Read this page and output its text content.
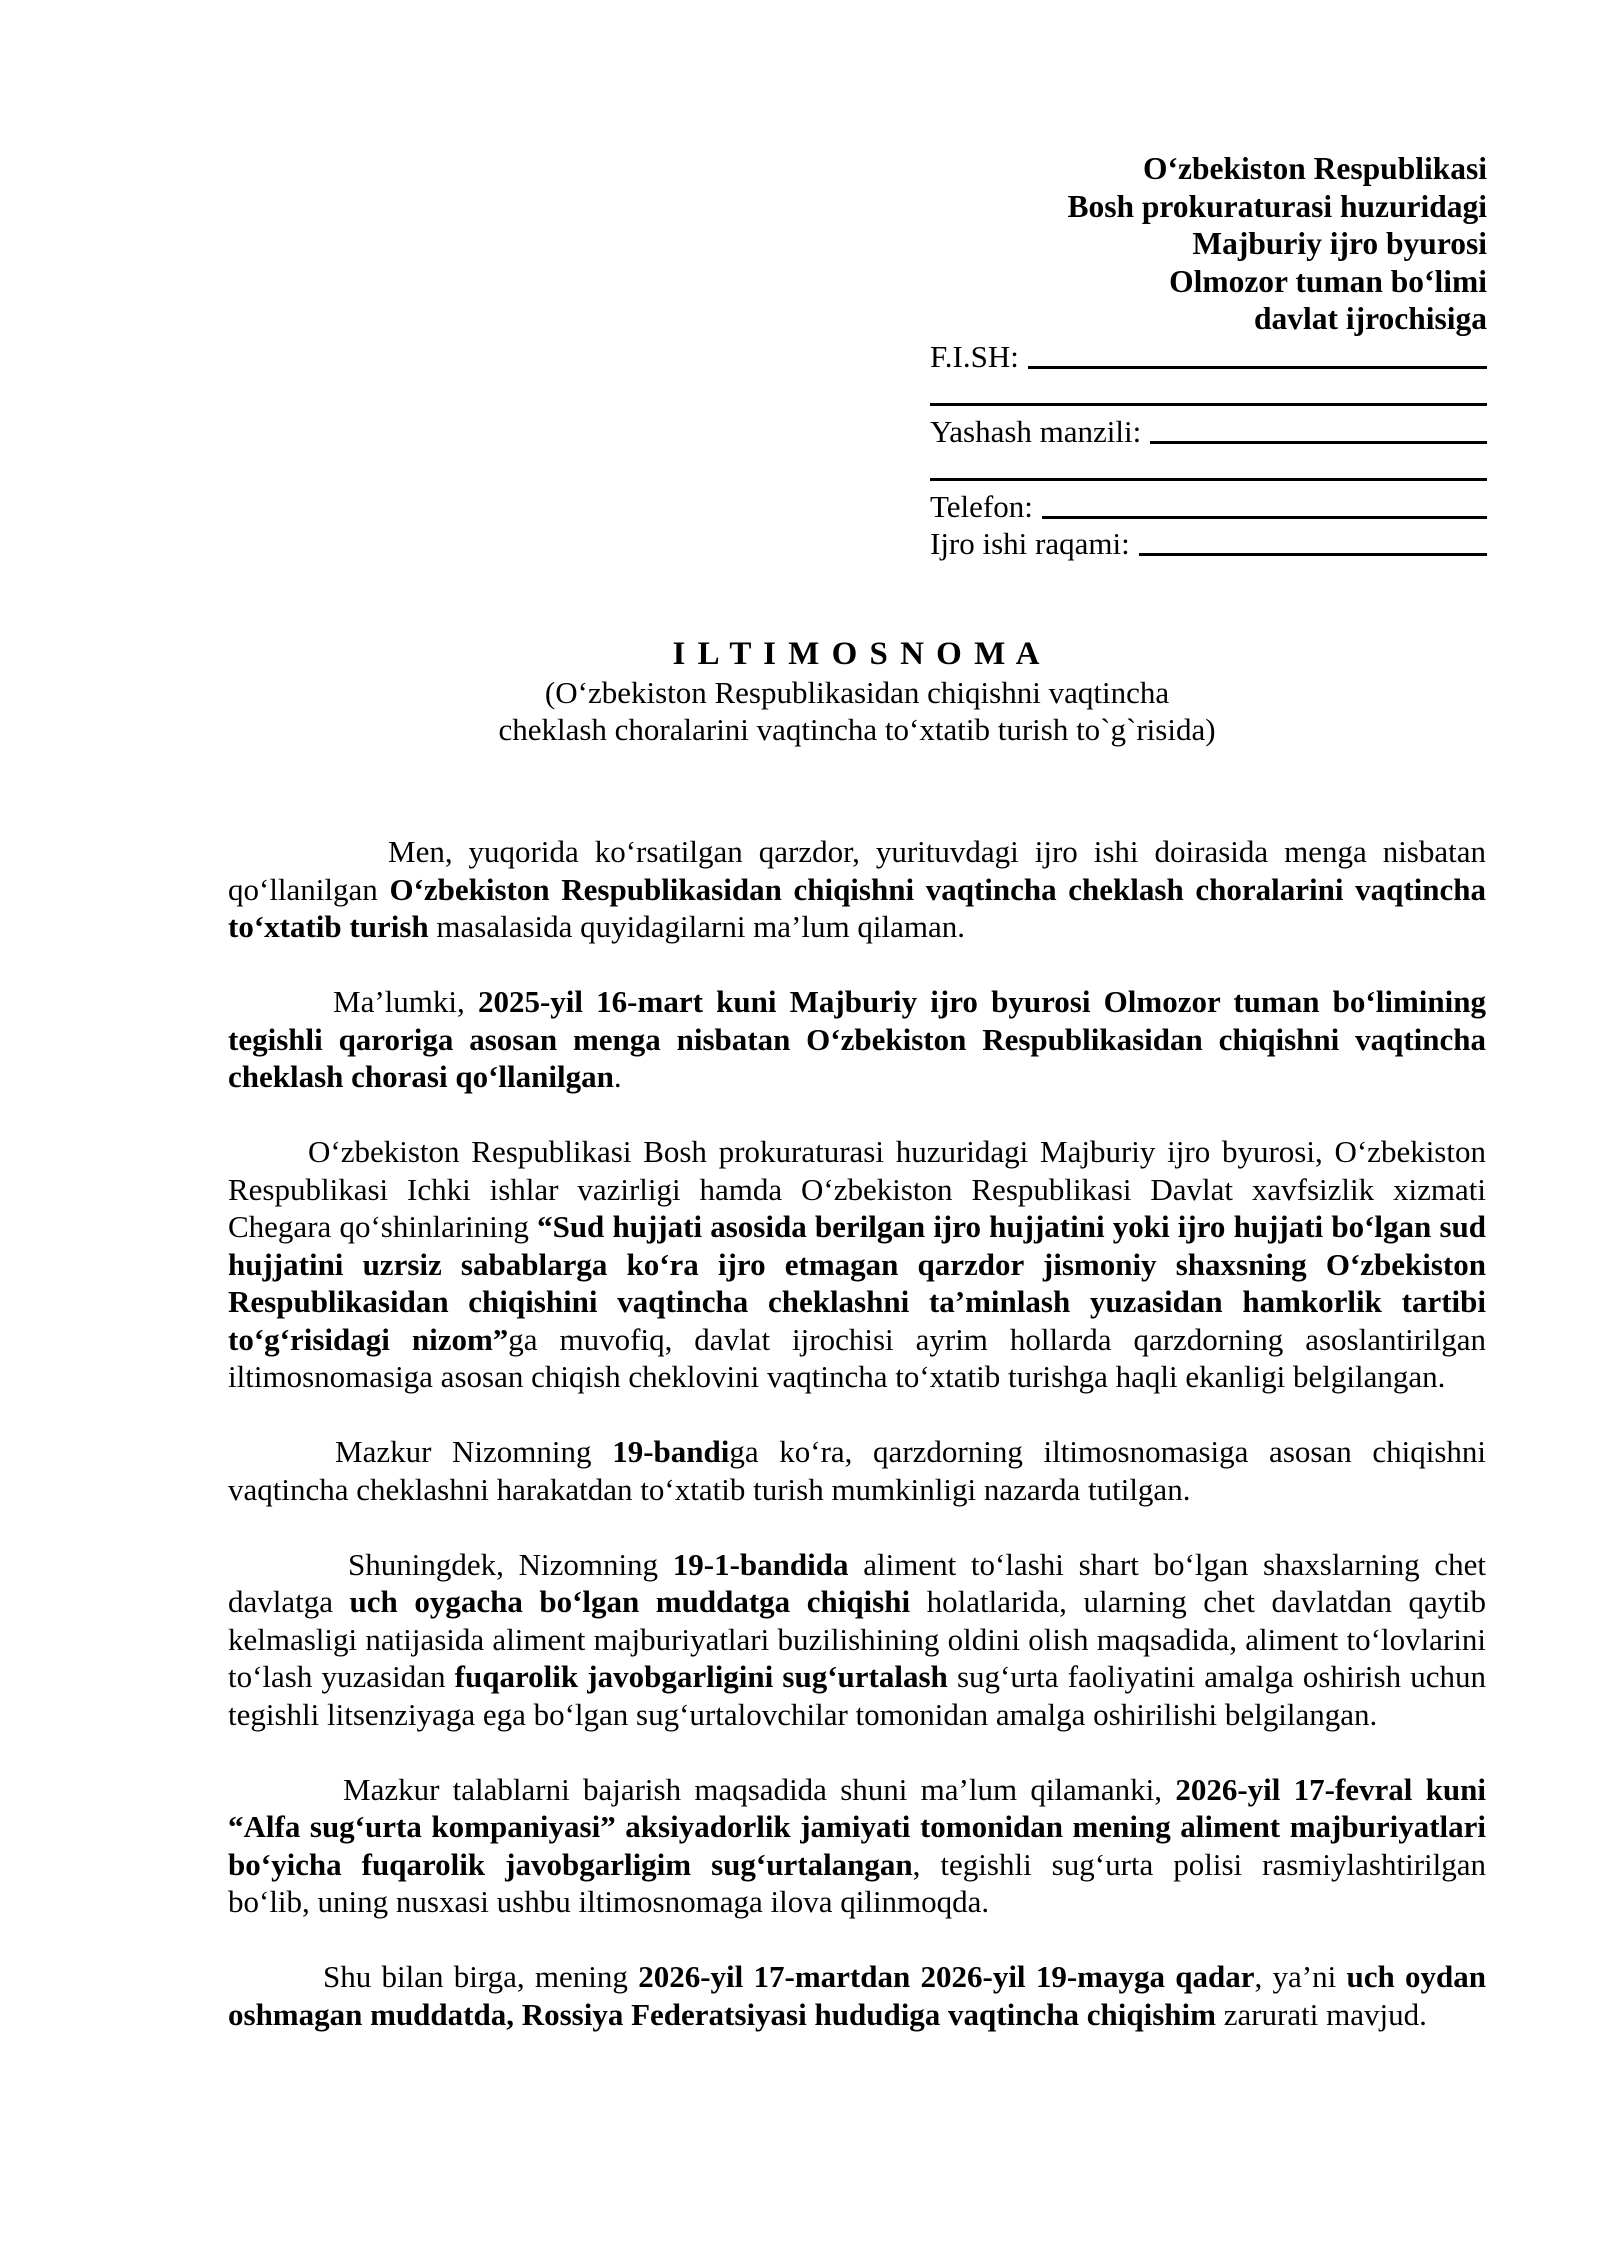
O‘zbekiston Respublikasi
Bosh prokuraturasi huzuridagi
Majburiy ijro byurosi
Olmozor tuman bo‘limi
davlat ijrochisiga
F.I.SH:
Yashash manzili:
Telefon:
Ijro ishi raqami:
I L T I M O S N O M A
(O‘zbekiston Respublikasidan chiqishni vaqtincha
cheklash choralarini vaqtincha to‘xtatib turish to`g`risida)

Men, yuqorida ko‘rsatilgan qarzdor, yurituvdagi ijro ishi doirasida menga nisbatan qo‘llanilgan O‘zbekiston Respublikasidan chiqishni vaqtincha cheklash choralarini vaqtincha to‘xtatib turish masalasida quyidagilarni ma’lum qilaman.

Ma’lumki, 2025-yil 16-mart kuni Majburiy ijro byurosi Olmozor tuman bo‘limining tegishli qaroriga asosan menga nisbatan O‘zbekiston Respublikasidan chiqishni vaqtincha cheklash chorasi qo‘llanilgan.

O‘zbekiston Respublikasi Bosh prokuraturasi huzuridagi Majburiy ijro byurosi, O‘zbekiston Respublikasi Ichki ishlar vazirligi hamda O‘zbekiston Respublikasi Davlat xavfsizlik xizmati Chegara qo‘shinlarining “Sud hujjati asosida berilgan ijro hujjatini yoki ijro hujjati bo‘lgan sud hujjatini uzrsiz sabablarga ko‘ra ijro etmagan qarzdor jismoniy shaxsning O‘zbekiston Respublikasidan chiqishini vaqtincha cheklashni ta’minlash yuzasidan hamkorlik tartibi to‘g‘risidagi nizom”ga muvofiq, davlat ijrochisi ayrim hollarda qarzdorning asoslantirilgan iltimosnomasiga asosan chiqish cheklovini vaqtincha to‘xtatib turishga haqli ekanligi belgilangan.

Mazkur Nizomning 19-bandiga ko‘ra, qarzdorning iltimosnomasiga asosan chiqishni vaqtincha cheklashni harakatdan to‘xtatib turish mumkinligi nazarda tutilgan.

Shuningdek, Nizomning 19-1-bandida aliment to‘lashi shart bo‘lgan shaxslarning chet davlatga uch oygacha bo‘lgan muddatga chiqishi holatlarida, ularning chet davlatdan qaytib kelmasligi natijasida aliment majburiyatlari buzilishining oldini olish maqsadida, aliment to‘lovlarini to‘lash yuzasidan fuqarolik javobgarligini sug‘urtalash sug‘urta faoliyatini amalga oshirish uchun tegishli litsenziyaga ega bo‘lgan sug‘urtalovchilar tomonidan amalga oshirilishi belgilangan.

Mazkur talablarni bajarish maqsadida shuni ma’lum qilamanki, 2026-yil 17-fevral kuni “Alfa sug‘urta kompaniyasi” aksiyadorlik jamiyati tomonidan mening aliment majburiyatlari bo‘yicha fuqarolik javobgarligim sug‘urtalangan, tegishli sug‘urta polisi rasmiylashtirilgan bo‘lib, uning nusxasi ushbu iltimosnomaga ilova qilinmoqda.

Shu bilan birga, mening 2026-yil 17-martdan 2026-yil 19-mayga qadar, ya’ni uch oydan oshmagan muddatda, Rossiya Federatsiyasi hududiga vaqtincha chiqishim zarurati mavjud.
